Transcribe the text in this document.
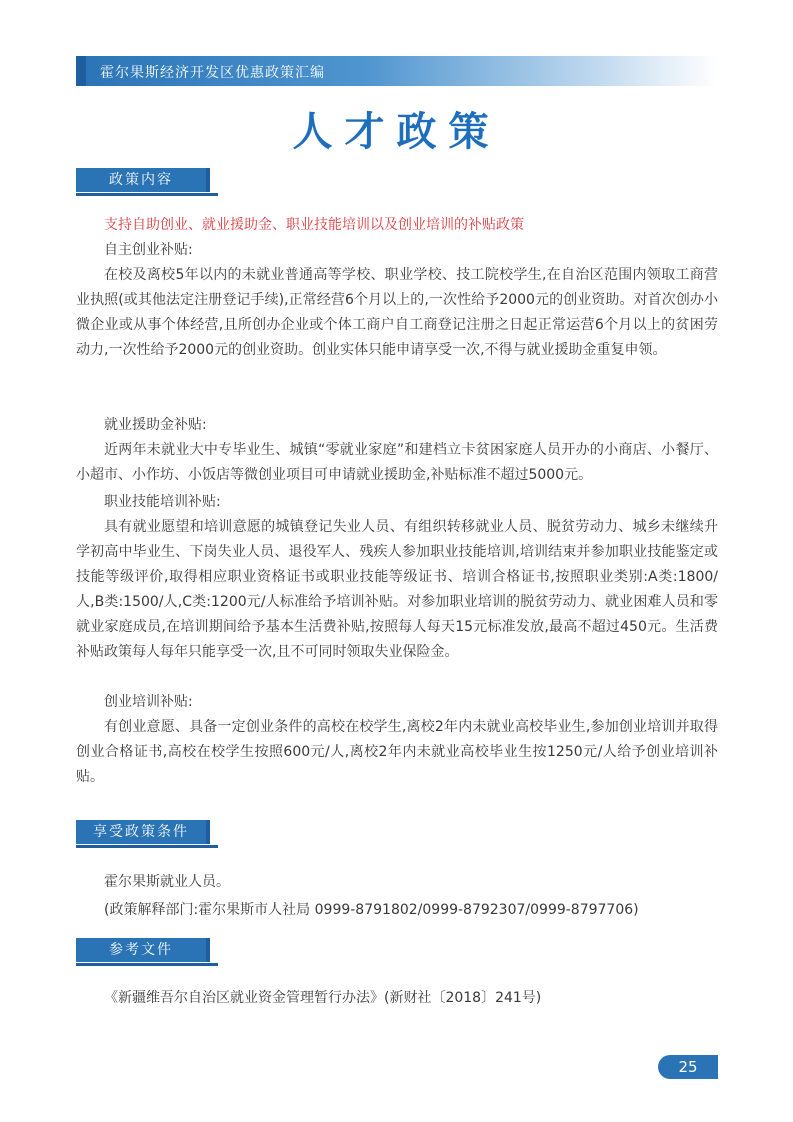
霍尔果斯经济开发区优惠政策汇编
人才政策
政策内容

支持自助创业、就业援助金、职业技能培训以及创业培训的补贴政策

自主创业补贴:

在校及离校5年以内的未就业普通高等学校、职业学校、技工院校学生,在自治区范围内领取工商营业执照(或其他法定注册登记手续),正常经营6个月以上的,一次性给予2000元的创业资助。对首次创办小微企业或从事个体经营,且所创办企业或个体工商户自工商登记注册之日起正常运营6个月以上的贫困劳动力,一次性给予2000元的创业资助。创业实体只能申请享受一次,不得与就业援助金重复申领。

就业援助金补贴:

近两年未就业大中专毕业生、城镇“零就业家庭”和建档立卡贫困家庭人员开办的小商店、小餐厅、小超市、小作坊、小饭店等微创业项目可申请就业援助金,补贴标准不超过5000元。

职业技能培训补贴:

具有就业愿望和培训意愿的城镇登记失业人员、有组织转移就业人员、脱贫劳动力、城乡未继续升学初高中毕业生、下岗失业人员、退役军人、残疾人参加职业技能培训,培训结束并参加职业技能鉴定或技能等级评价,取得相应职业资格证书或职业技能等级证书、培训合格证书,按照职业类别:A类:1800/人,B类:1500/人,C类:1200元/人标准给予培训补贴。对参加职业培训的脱贫劳动力、就业困难人员和零就业家庭成员,在培训期间给予基本生活费补贴,按照每人每天15元标准发放,最高不超过450元。生活费补贴政策每人每年只能享受一次,且不可同时领取失业保险金。

创业培训补贴:

有创业意愿、具备一定创业条件的高校在校学生,离校2年内未就业高校毕业生,参加创业培训并取得创业合格证书,高校在校学生按照600元/人,离校2年内未就业高校毕业生按1250元/人给予创业培训补贴。

享受政策条件

霍尔果斯就业人员。

(政策解释部门:霍尔果斯市人社局 0999-8791802/0999-8792307/0999-8797706)

参考文件

《新疆维吾尔自治区就业资金管理暂行办法》(新财社〔2018〕241号)

25
